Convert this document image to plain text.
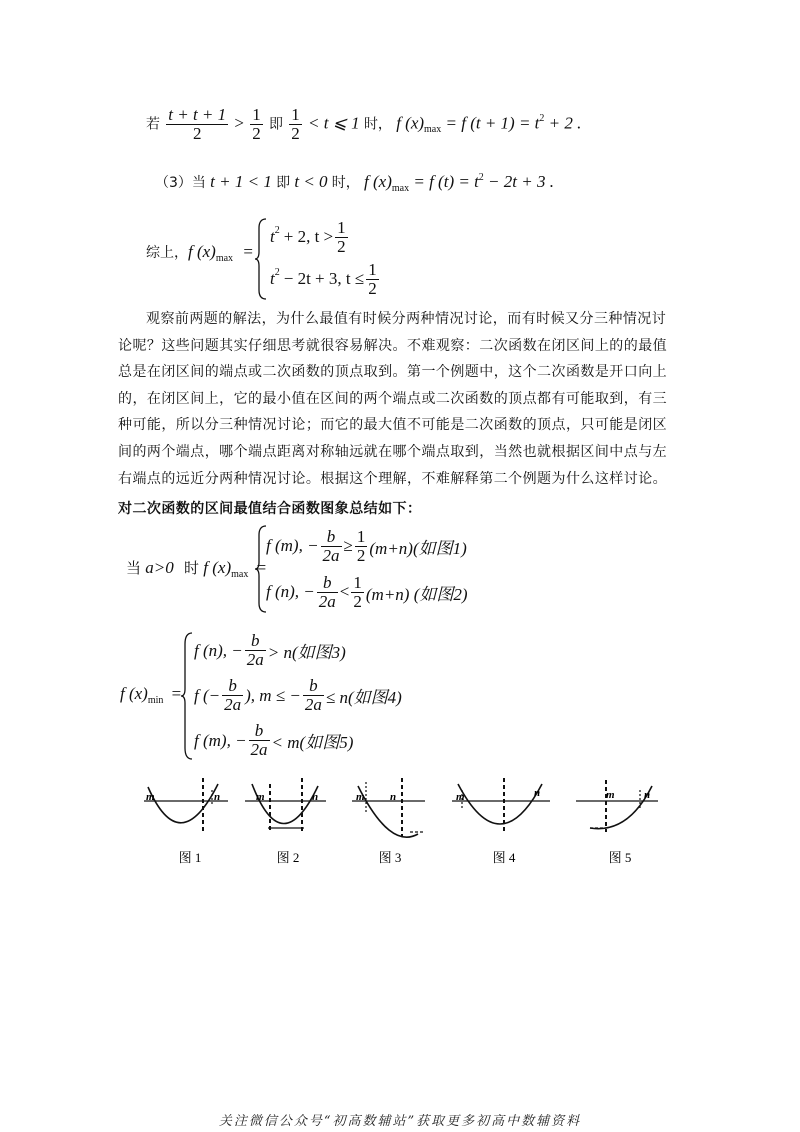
若 $\frac{t + t + 1}{2} > \frac{1}{2}$ 即 $\frac{1}{2} < t$ ⩽ 1 时， f $(x)_{max} = f$ $(t + 1) = t^2 + 2$ .
（3）当 t + 1 < 1 即 t < 0 时， f $(x)_{max} = f$ $(t) = t^2 - 2t + 3$ .
综上，f $(x)_{max}$ =
t 2 + 2, $t > \frac{1}{2}$
t 2 − 2t + 3, $t \le \frac{1}{2}$

观察前两题的解法，为什么最值有时候分两种情况讨论，而有时候又分三种情况讨论呢？这些问题其实仔细思考就很容易解决。不难观察：二次函数在闭区间上的的最值总是在闭区间的端点或二次函数的顶点取到。第一个例题中，这个二次函数是开口向上的，在闭区间上，它的最小值在区间的两个端点或二次函数的顶点都有可能取到，有三种可能，所以分三种情况讨论；而它的最大值不可能是二次函数的顶点，只可能是闭区间的两个端点，哪个端点距离对称轴远就在哪个端点取到，当然也就根据区间中点与左右端点的远近分两种情况讨论。根据这个理解，不难解释第二个例题为什么这样讨论。

对二次函数的区间最值结合函数图象总结如下：
当 a>0 时 f $(x)_{max}$ =
f (m), − $\frac{b}{2a} \ge \frac{1}{2} (m+n)$(如图1)
f (n), − $\frac{b}{2a} < \frac{1}{2} (m+n)$ (如图2)
f $(x)_{min}$ =
f (n), − $\frac{b}{2a} > n$(如图3)
f (− $\frac{b}{2a}$ ), m ≤ − $\frac{b}{2a} \le n$(如图4)
f (m), − $\frac{b}{2a} < m$(如图5)
m	n
图 1
m	n
图 2
m n
图 3
m	n
图 4
m	n
图 5
关注微信公众号“初高数辅站”获取更多初高中数辅资料
